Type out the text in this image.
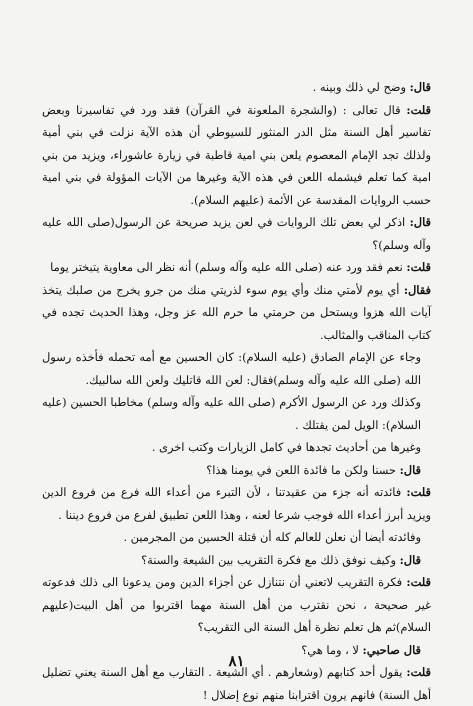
قال: وضح لي ذلك وبينه .

قلت: قال تعالى : (والشجرة الملعونة في القرآن) فقد ورد في تفاسيرنا وبعض تفاسير أهل السنة مثل الدر المنثور للسيوطي أن هذه الآية نزلت في بني أمية ولذلك تجد الإمام المعصوم يلعن بني امية قاطبة في زيارة عاشوراء، ويزيد من بني امية كما تعلم فيشمله اللعن في هذه الآية وغيرها من الآيات المؤولة في بني امية حسب الروايات المقدسة عن الأئمة (عليهم السلام).

قال: اذكر لي بعض تلك الروايات في لعن يزيد صريحة عن الرسول(صلى الله عليه وآله وسلم)؟

قلت: نعم فقد ورد عنه (صلى الله عليه وآله وسلم) أنه نظر الى معاوية يتبختر يوما

فقال: أي يوم لأمتي منك وأي يوم سوء لذريتي منك من جرو يخرج من صلبك يتخذ آيات الله هزوا ويستحل من حرمتي ما حرم الله عز وجل، وهذا الحديث تجده في كتاب المناقب والمثالب.

وجاء عن الإمام الصادق (عليه السلام): كان الحسين مع أمه تحمله فأخذه رسول الله (صلى الله عليه وآله وسلم)فقال: لعن الله قاتليك ولعن الله سالبيك.

وكذلك ورد عن الرسول الأكرم (صلى الله عليه وآله وسلم) مخاطبا الحسين (عليه السلام): الويل لمن يقتلك .

وغيرها من أحاديث تجدها في كامل الزيارات وكتب اخرى .

قال: حسنا ولكن ما فائدة اللعن في يومنا هذا؟

قلت: فائدته أنه جزء من عقيدتنا ، لأن التبرء من أعداء الله فرع من فروع الدين ويزيد أبرز أعداء الله فوجب شرعا لعنه ، وهذا اللعن تطبيق لفرع من فروع ديننا .

وفائدته أيضا أن نعلن للعالم كله أن قتلة الحسين من المجرمين .

قال: وكيف نوفق ذلك مع فكرة التقريب بين الشيعة والسنة؟

قلت: فكرة التقريب لاتعني أن نتنازل عن أجزاء الدين ومن يدعونا الى ذلك فدعوته غير صحيحة ، نحن نقترب من أهل السنة مهما اقتربوا من أهل البيت(عليهم السلام)ثم هل تعلم نظرة أهل السنة الى التقريب؟

قال صاحبي: لا ، وما هي؟

قلت: يقول أحد كتابهم (وشعارهم . أي الشيعة . التقارب مع أهل السنة يعني تضليل أهل السنة) فانهم يرون اقترابنا منهم نوع إضلال !

٨١
